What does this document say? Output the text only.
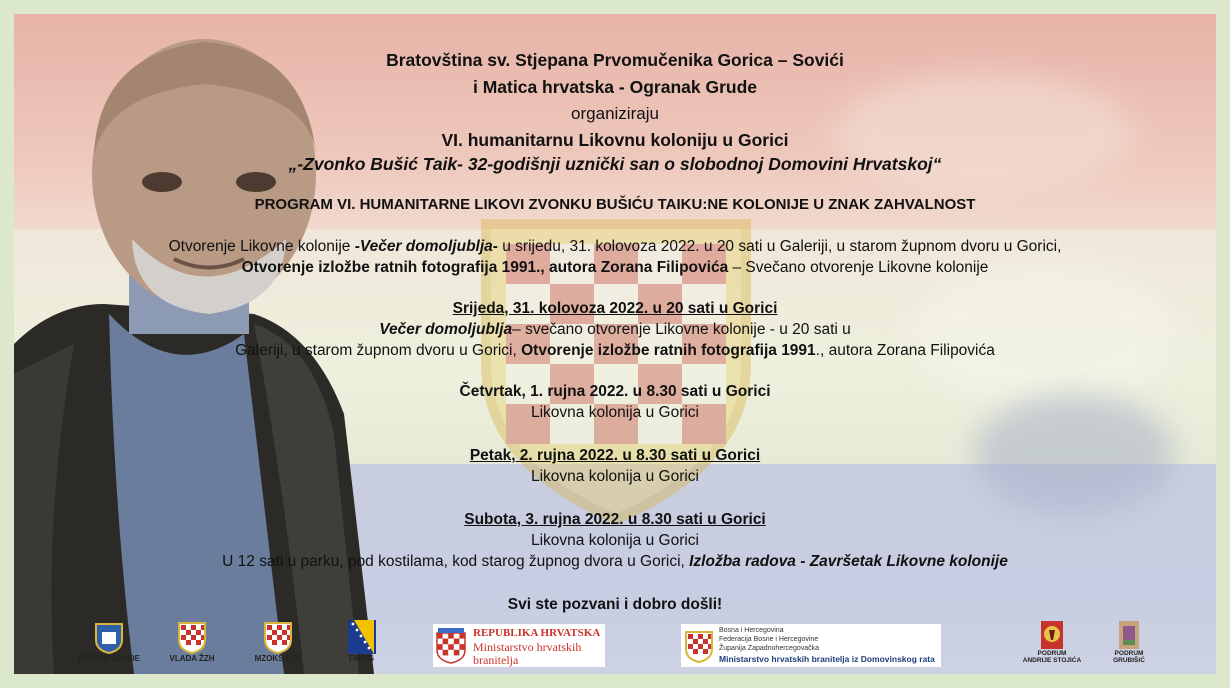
Bratovština sv. Stjepana Prvomučenika Gorica – Sovići
i Matica hrvatska - Ogranak Grude
organiziraju
VI. humanitarnu Likovnu koloniju u Gorici
„-Zvonko Bušić Taik- 32-godišnji uznički san o slobodnoj Domovini Hrvatskoj“
PROGRAM VI. HUMANITARNE LIKOVI ZVONKU BUŠIĆU TAIKU:NE KOLONIJE U ZNAK ZAHVALNOST
Otvorenje Likovne kolonije -Večer domoljublja- u srijedu, 31. kolovoza 2022. u 20 sati u Galeriji, u starom župnom dvoru u Gorici,
Otvorenje izložbe ratnih fotografija 1991., autora Zorana Filipovića – Svečano otvorenje Likovne kolonije
Srijeda, 31. kolovoza 2022. u 20 sati u Gorici
Večer domoljublja– svečano otvorenje Likovne kolonije - u 20 sati u
Galeriji, u starom župnom dvoru u Gorici, Otvorenje izložbe ratnih fotografija 1991., autora Zorana Filipovića
Četvrtak, 1. rujna 2022. u 8.30 sati u Gorici
Likovna kolonija u Gorici
Petak, 2. rujna 2022. u 8.30 sati u Gorici
Likovna kolonija u Gorici
Subota, 3. rujna 2022. u 8.30 sati u Gorici
Likovna kolonija u Gorici
U 12 sati u parku, pod kostilama, kod starog župnog dvora u Gorici, Izložba radova - Završetak Likovne kolonije
Svi ste pozvani i dobro došli!
OPĆINA GRUDE	VLADA ŽZH	MZOKŠ ŽZH	FMKIS
REPUBLIKA HRVATSKA
Ministarstvo hrvatskih
branitelja
Bosna i Hercegovina
Federacija Bosne i Hercegovine
Županija Zapadnohercegovačka
Ministarstvo hrvatskih branitelja iz Domovinskog rata
PODRUM
ANDRIJE STOJIĆA
PODRUM
GRUBIŠIĆ
